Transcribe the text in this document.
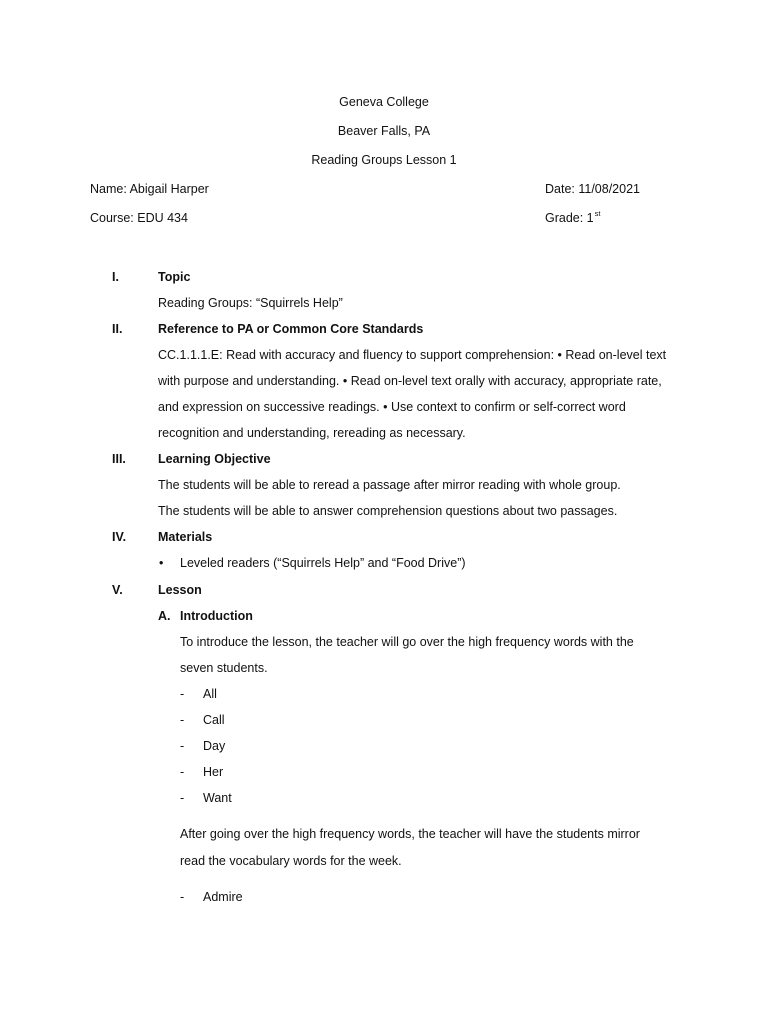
Geneva College
Beaver Falls, PA
Reading Groups Lesson 1
Name: Abigail Harper	Date: 11/08/2021
Course: EDU 434	Grade: 1st
I.	Topic
Reading Groups: “Squirrels Help”
II.	Reference to PA or Common Core Standards
CC.1.1.1.E: Read with accuracy and fluency to support comprehension: • Read on-level text
with purpose and understanding. • Read on-level text orally with accuracy, appropriate rate,
and expression on successive readings. • Use context to confirm or self-correct word
recognition and understanding, rereading as necessary.
III.	Learning Objective
The students will be able to reread a passage after mirror reading with whole group.
The students will be able to answer comprehension questions about two passages.
IV.	Materials
• Leveled readers (“Squirrels Help” and “Food Drive”)
V.	Lesson
A. Introduction
To introduce the lesson, the teacher will go over the high frequency words with the
seven students.
- All
- Call
- Day
- Her
- Want
After going over the high frequency words, the teacher will have the students mirror
read the vocabulary words for the week.
- Admire
